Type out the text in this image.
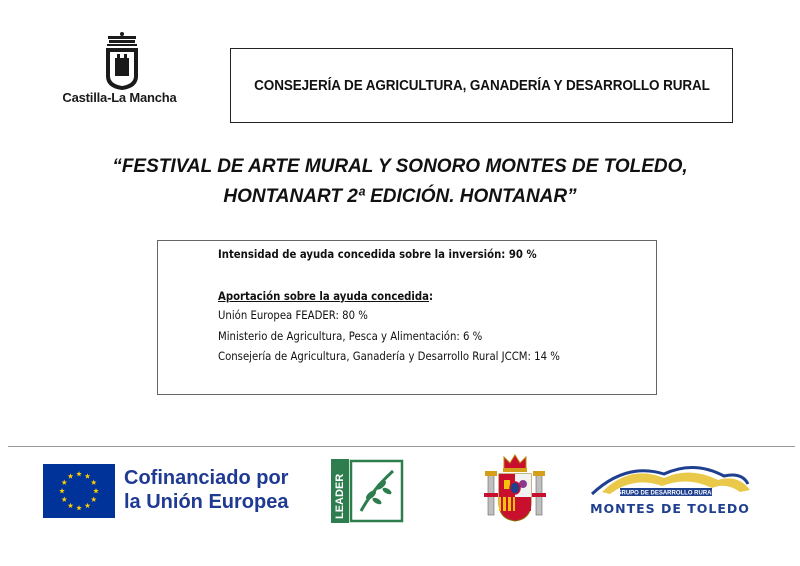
Castilla-La Mancha
CONSEJERÍA DE AGRICULTURA, GANADERÍA Y DESARROLLO RURAL
“FESTIVAL DE ARTE MURAL Y SONORO MONTES DE TOLEDO,
HONTANART 2ª EDICIÓN. HONTANAR”
Intensidad de ayuda concedida sobre la inversión: 90 %
Aportación sobre la ayuda concedida:
Unión Europea FEADER: 80 %
Ministerio de Agricultura, Pesca y Alimentación: 6 %
Consejería de Agricultura, Ganadería y Desarrollo Rural JCCM: 14 %
Cofinanciado por
la Unión Europea	LEADER	GRUPO DE DESARROLLO RURAL
MONTES DE TOLEDO
